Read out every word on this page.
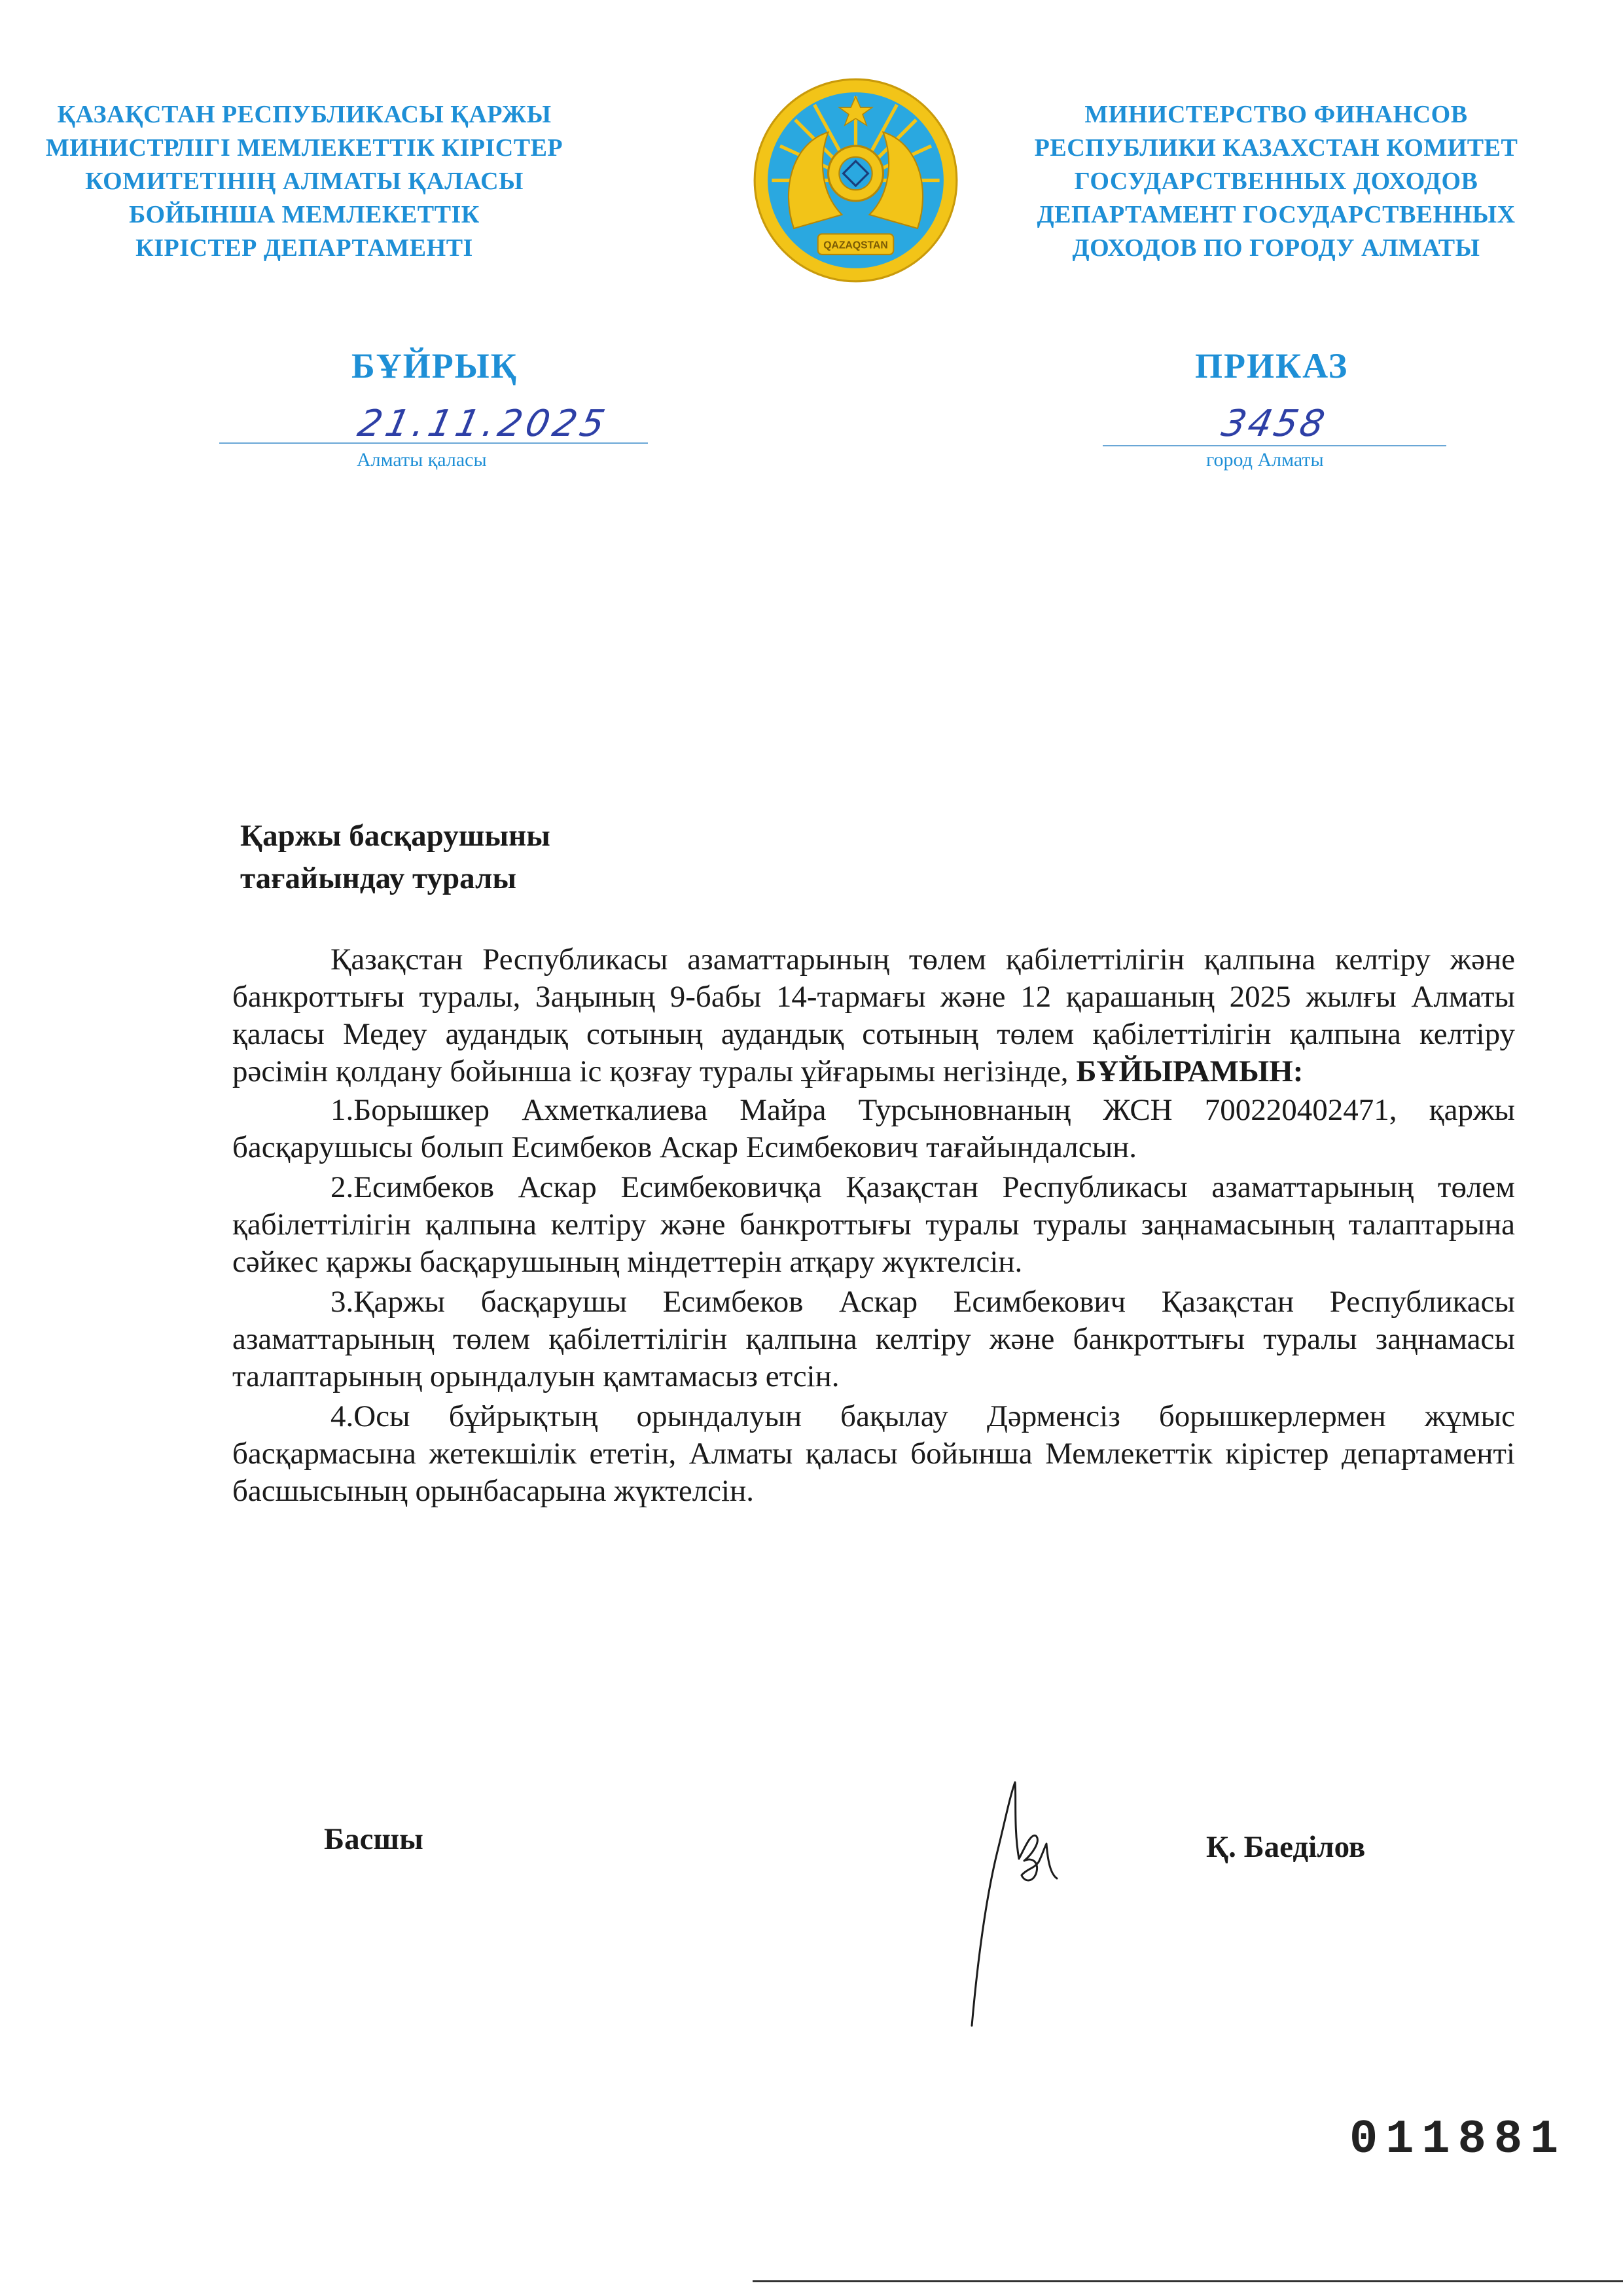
ҚАЗАҚСТАН РЕСПУБЛИКАСЫ ҚАРЖЫ
МИНИСТРЛІГІ МЕМЛЕКЕТТІК КІРІСТЕР
КОМИТЕТІНІҢ АЛМАТЫ ҚАЛАСЫ
БОЙЫНША МЕМЛЕКЕТТІК
КІРІСТЕР ДЕПАРТАМЕНТІ	QAZAQSTAN
МИНИСТЕРСТВО ФИНАНСОВ
РЕСПУБЛИКИ КАЗАХСТАН КОМИТЕТ
ГОСУДАРСТВЕННЫХ ДОХОДОВ
ДЕПАРТАМЕНТ ГОСУДАРСТВЕННЫХ
ДОХОДОВ ПО ГОРОДУ АЛМАТЫ
БҰЙРЫҚ	ПРИКАЗ
21.11.2025
Алматы қаласы
3458
город Алматы
Қаржы басқарушыны
тағайындау туралы

Қазақстан Республикасы азаматтарының төлем қабілеттілігін қалпына келтіру және банкроттығы туралы, Заңының 9-бабы 14-тармағы және 12 қарашаның 2025 жылғы Алматы қаласы Медеу аудандық сотының аудандық сотының төлем қабілеттілігін қалпына келтіру рәсімін қолдану бойынша іс қозғау туралы ұйғарымы негізінде, БҰЙЫРАМЫН:

1.Борышкер Ахметкалиева Майра Турсыновнаның ЖСН 700220402471, қаржы басқарушысы болып Есимбеков Аскар Есимбекович тағайындалсын.

2.Есимбеков Аскар Есимбековичқа Қазақстан Республикасы азаматтарының төлем қабілеттілігін қалпына келтіру және банкроттығы туралы туралы заңнамасының талаптарына сәйкес қаржы басқарушының міндеттерін атқару жүктелсін.

3.Қаржы басқарушы Есимбеков Аскар Есимбекович Қазақстан Республикасы азаматтарының төлем қабілеттілігін қалпына келтіру және банкроттығы туралы заңнамасы талаптарының орындалуын қамтамасыз етсін.

4.Осы бұйрықтың орындалуын бақылау Дәрменсіз борышкерлермен жұмыс басқармасына жетекшілік ететін, Алматы қаласы бойынша Мемлекеттік кірістер департаменті басшысының орынбасарына жүктелсін.

Басшы	Қ. Баеділов
011881
